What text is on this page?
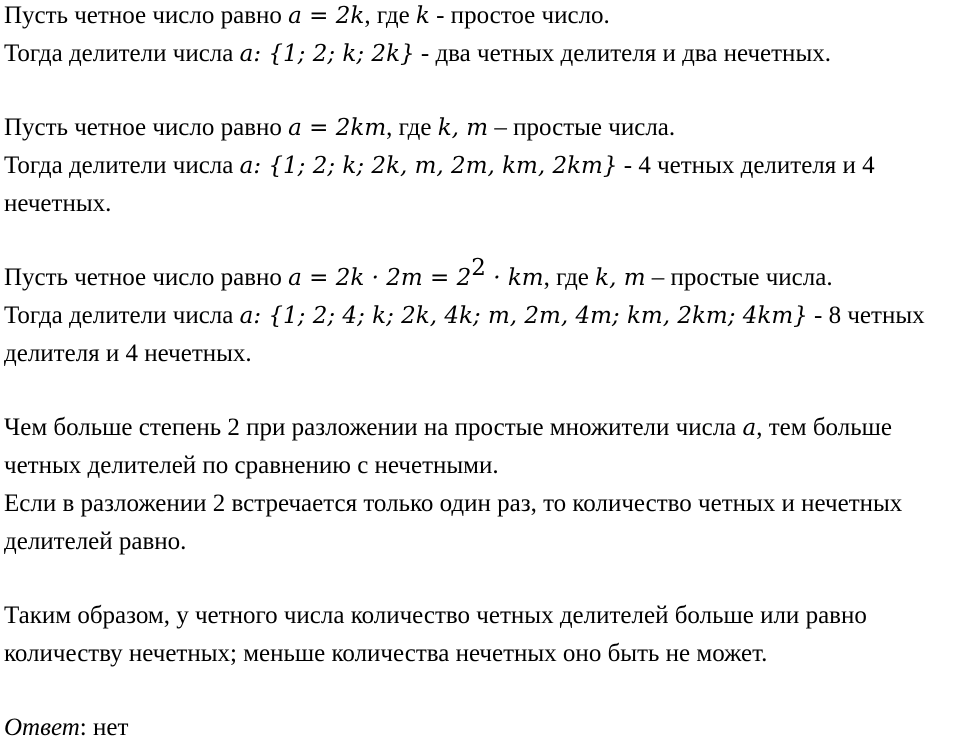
Пусть четное число равно a = 2k, где k - простое число.
Тогда делители числа a: {1; 2; k; 2k} - два четных делителя и два нечетных.
Пусть четное число равно a = 2km, где k, m – простые числа.
Тогда делители числа a: {1; 2; k; 2k, m, 2m, km, 2km} - 4 четных делителя и 4
нечетных.
Пусть четное число равно $a = 2k \cdot 2m = 2^2$ · km, где k, m – простые числа.
Тогда делители числа a: {1; 2; 4; k; 2k, 4k; m, 2m, 4m; km, 2km; 4km} - 8 четных
делителя и 4 нечетных.
Чем больше степень 2 при разложении на простые множители числа a, тем больше
четных делителей по сравнению с нечетными.
Если в разложении 2 встречается только один раз, то количество четных и нечетных
делителей равно.
Таким образом, у четного числа количество четных делителей больше или равно
количеству нечетных; меньше количества нечетных оно быть не может.
Ответ: нет
